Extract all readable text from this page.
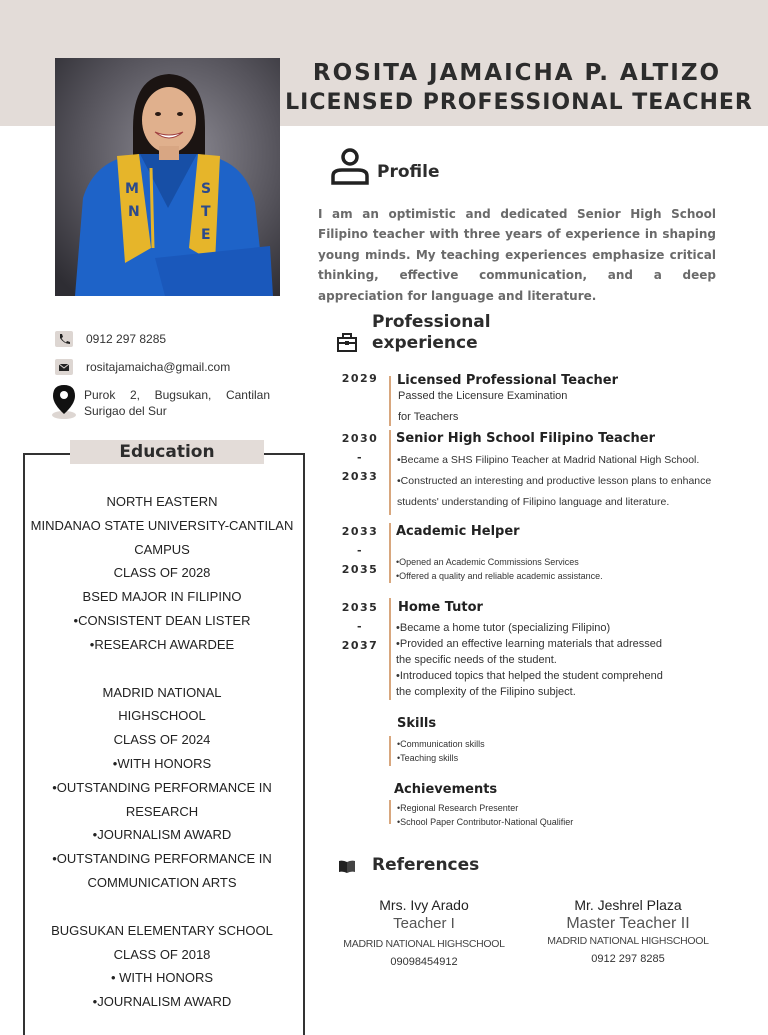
M
N
S
T
E
ROSITA JAMAICHA P. ALTIZO
LICENSED PROFESSIONAL TEACHER
0912 297 8285
rositajamaicha@gmail.com
Purok 2, Bugsukan, Cantilan
Surigao del Sur
Education
NORTH EASTERN
MINDANAO STATE UNIVERSITY-CANTILAN
CAMPUS
CLASS OF 2028
BSED MAJOR IN FILIPINO
•CONSISTENT DEAN LISTER
•RESEARCH AWARDEE
MADRID NATIONAL
HIGHSCHOOL
CLASS OF 2024
•WITH HONORS
•OUTSTANDING PERFORMANCE IN
RESEARCH
•JOURNALISM AWARD
•OUTSTANDING PERFORMANCE IN
COMMUNICATION ARTS
BUGSUKAN ELEMENTARY SCHOOL
CLASS OF 2018
• WITH HONORS
•JOURNALISM AWARD
Profile
I am an optimistic and dedicated Senior High School Filipino teacher with three years of experience in shaping young minds. My teaching experiences emphasize critical thinking, effective communication, and a deep appreciation for language and literature.
Professional
experience
2029 Licensed Professional Teacher
Passed the Licensure Examination
for Teachers
2030
-
2033
Senior High School Filipino Teacher
•Became a SHS Filipino Teacher at Madrid National High School.
•Constructed an interesting and productive lesson plans to enhance
students' understanding of Filipino language and literature.
2033
-
2035
Academic Helper
•Opened an Academic Commissions Services
•Offered a quality and reliable academic assistance.
2035
-
2037
Home Tutor
•Became a home tutor (specializing Filipino)
•Provided an effective learning materials that adressed
the specific needs of the student.
•Introduced topics that helped the student comprehend
the complexity of the Filipino subject.
Skills
•Communication skills
•Teaching skills
Achievements
•Regional Research Presenter
•School Paper Contributor-National Qualifier
References
Mrs. Ivy Arado
Teacher I
MADRID NATIONAL HIGHSCHOOL
09098454912
Mr. Jeshrel Plaza
Master Teacher II
MADRID NATIONAL HIGHSCHOOL
0912 297 8285
